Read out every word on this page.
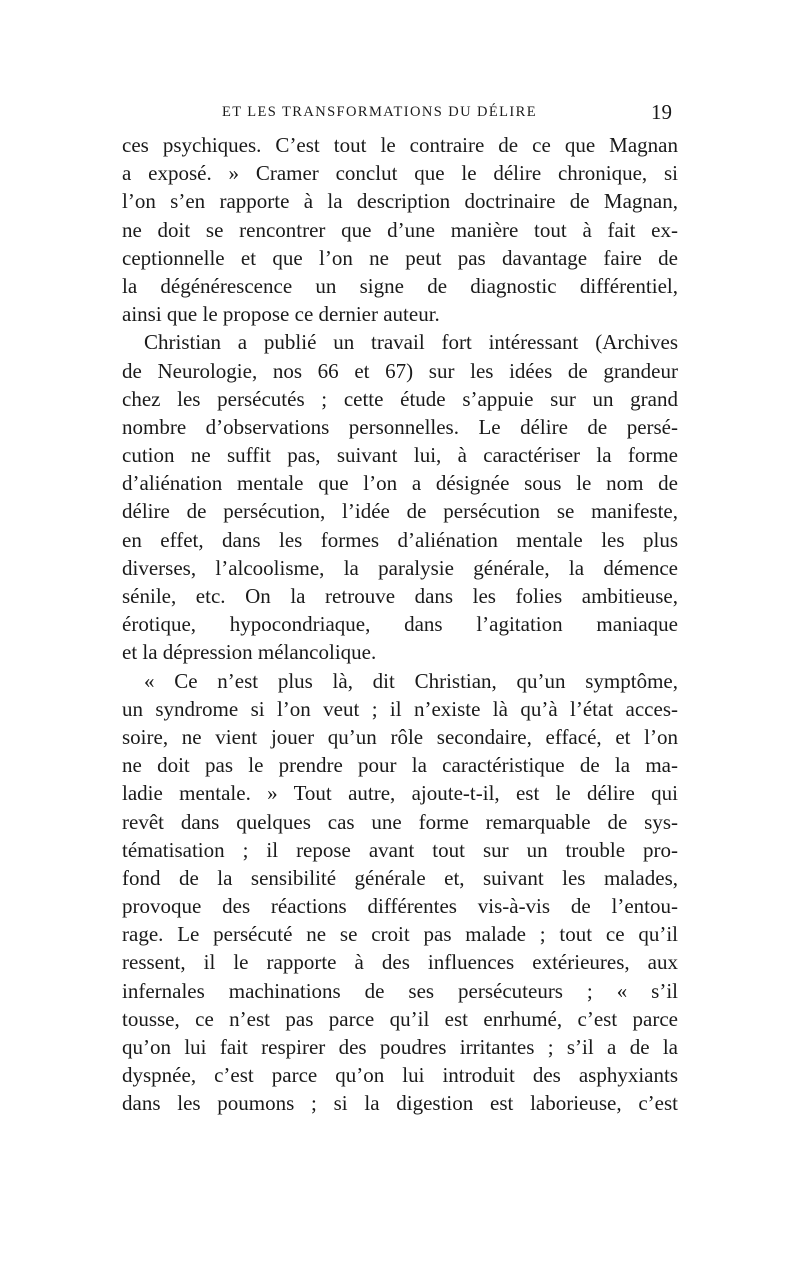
ET LES TRANSFORMATIONS DU DÉLIRE	19
ces psychiques. C’est tout le contraire de ce que Magnan
a exposé. » Cramer conclut que le délire chronique, si
l’on s’en rapporte à la description doctrinaire de Magnan,
ne doit se rencontrer que d’une manière tout à fait ex-
ceptionnelle et que l’on ne peut pas davantage faire de
la dégénérescence un signe de diagnostic différentiel,
ainsi que le propose ce dernier auteur.
Christian a publié un travail fort intéressant (Archives
de Neurologie, nos 66 et 67) sur les idées de grandeur
chez les persécutés ; cette étude s’appuie sur un grand
nombre d’observations personnelles. Le délire de persé-
cution ne suffit pas, suivant lui, à caractériser la forme
d’aliénation mentale que l’on a désignée sous le nom de
délire de persécution, l’idée de persécution se manifeste,
en effet, dans les formes d’aliénation mentale les plus
diverses, l’alcoolisme, la paralysie générale, la démence
sénile, etc. On la retrouve dans les folies ambitieuse,
érotique, hypocondriaque, dans l’agitation maniaque
et la dépression mélancolique.
« Ce n’est plus là, dit Christian, qu’un symptôme,
un syndrome si l’on veut ; il n’existe là qu’à l’état acces-
soire, ne vient jouer qu’un rôle secondaire, effacé, et l’on
ne doit pas le prendre pour la caractéristique de la ma-
ladie mentale. » Tout autre, ajoute-t-il, est le délire qui
revêt dans quelques cas une forme remarquable de sys-
tématisation ; il repose avant tout sur un trouble pro-
fond de la sensibilité générale et, suivant les malades,
provoque des réactions différentes vis-à-vis de l’entou-
rage. Le persécuté ne se croit pas malade ; tout ce qu’il
ressent, il le rapporte à des influences extérieures, aux
infernales machinations de ses persécuteurs ; « s’il
tousse, ce n’est pas parce qu’il est enrhumé, c’est parce
qu’on lui fait respirer des poudres irritantes ; s’il a de la
dyspnée, c’est parce qu’on lui introduit des asphyxiants
dans les poumons ; si la digestion est laborieuse, c’est
